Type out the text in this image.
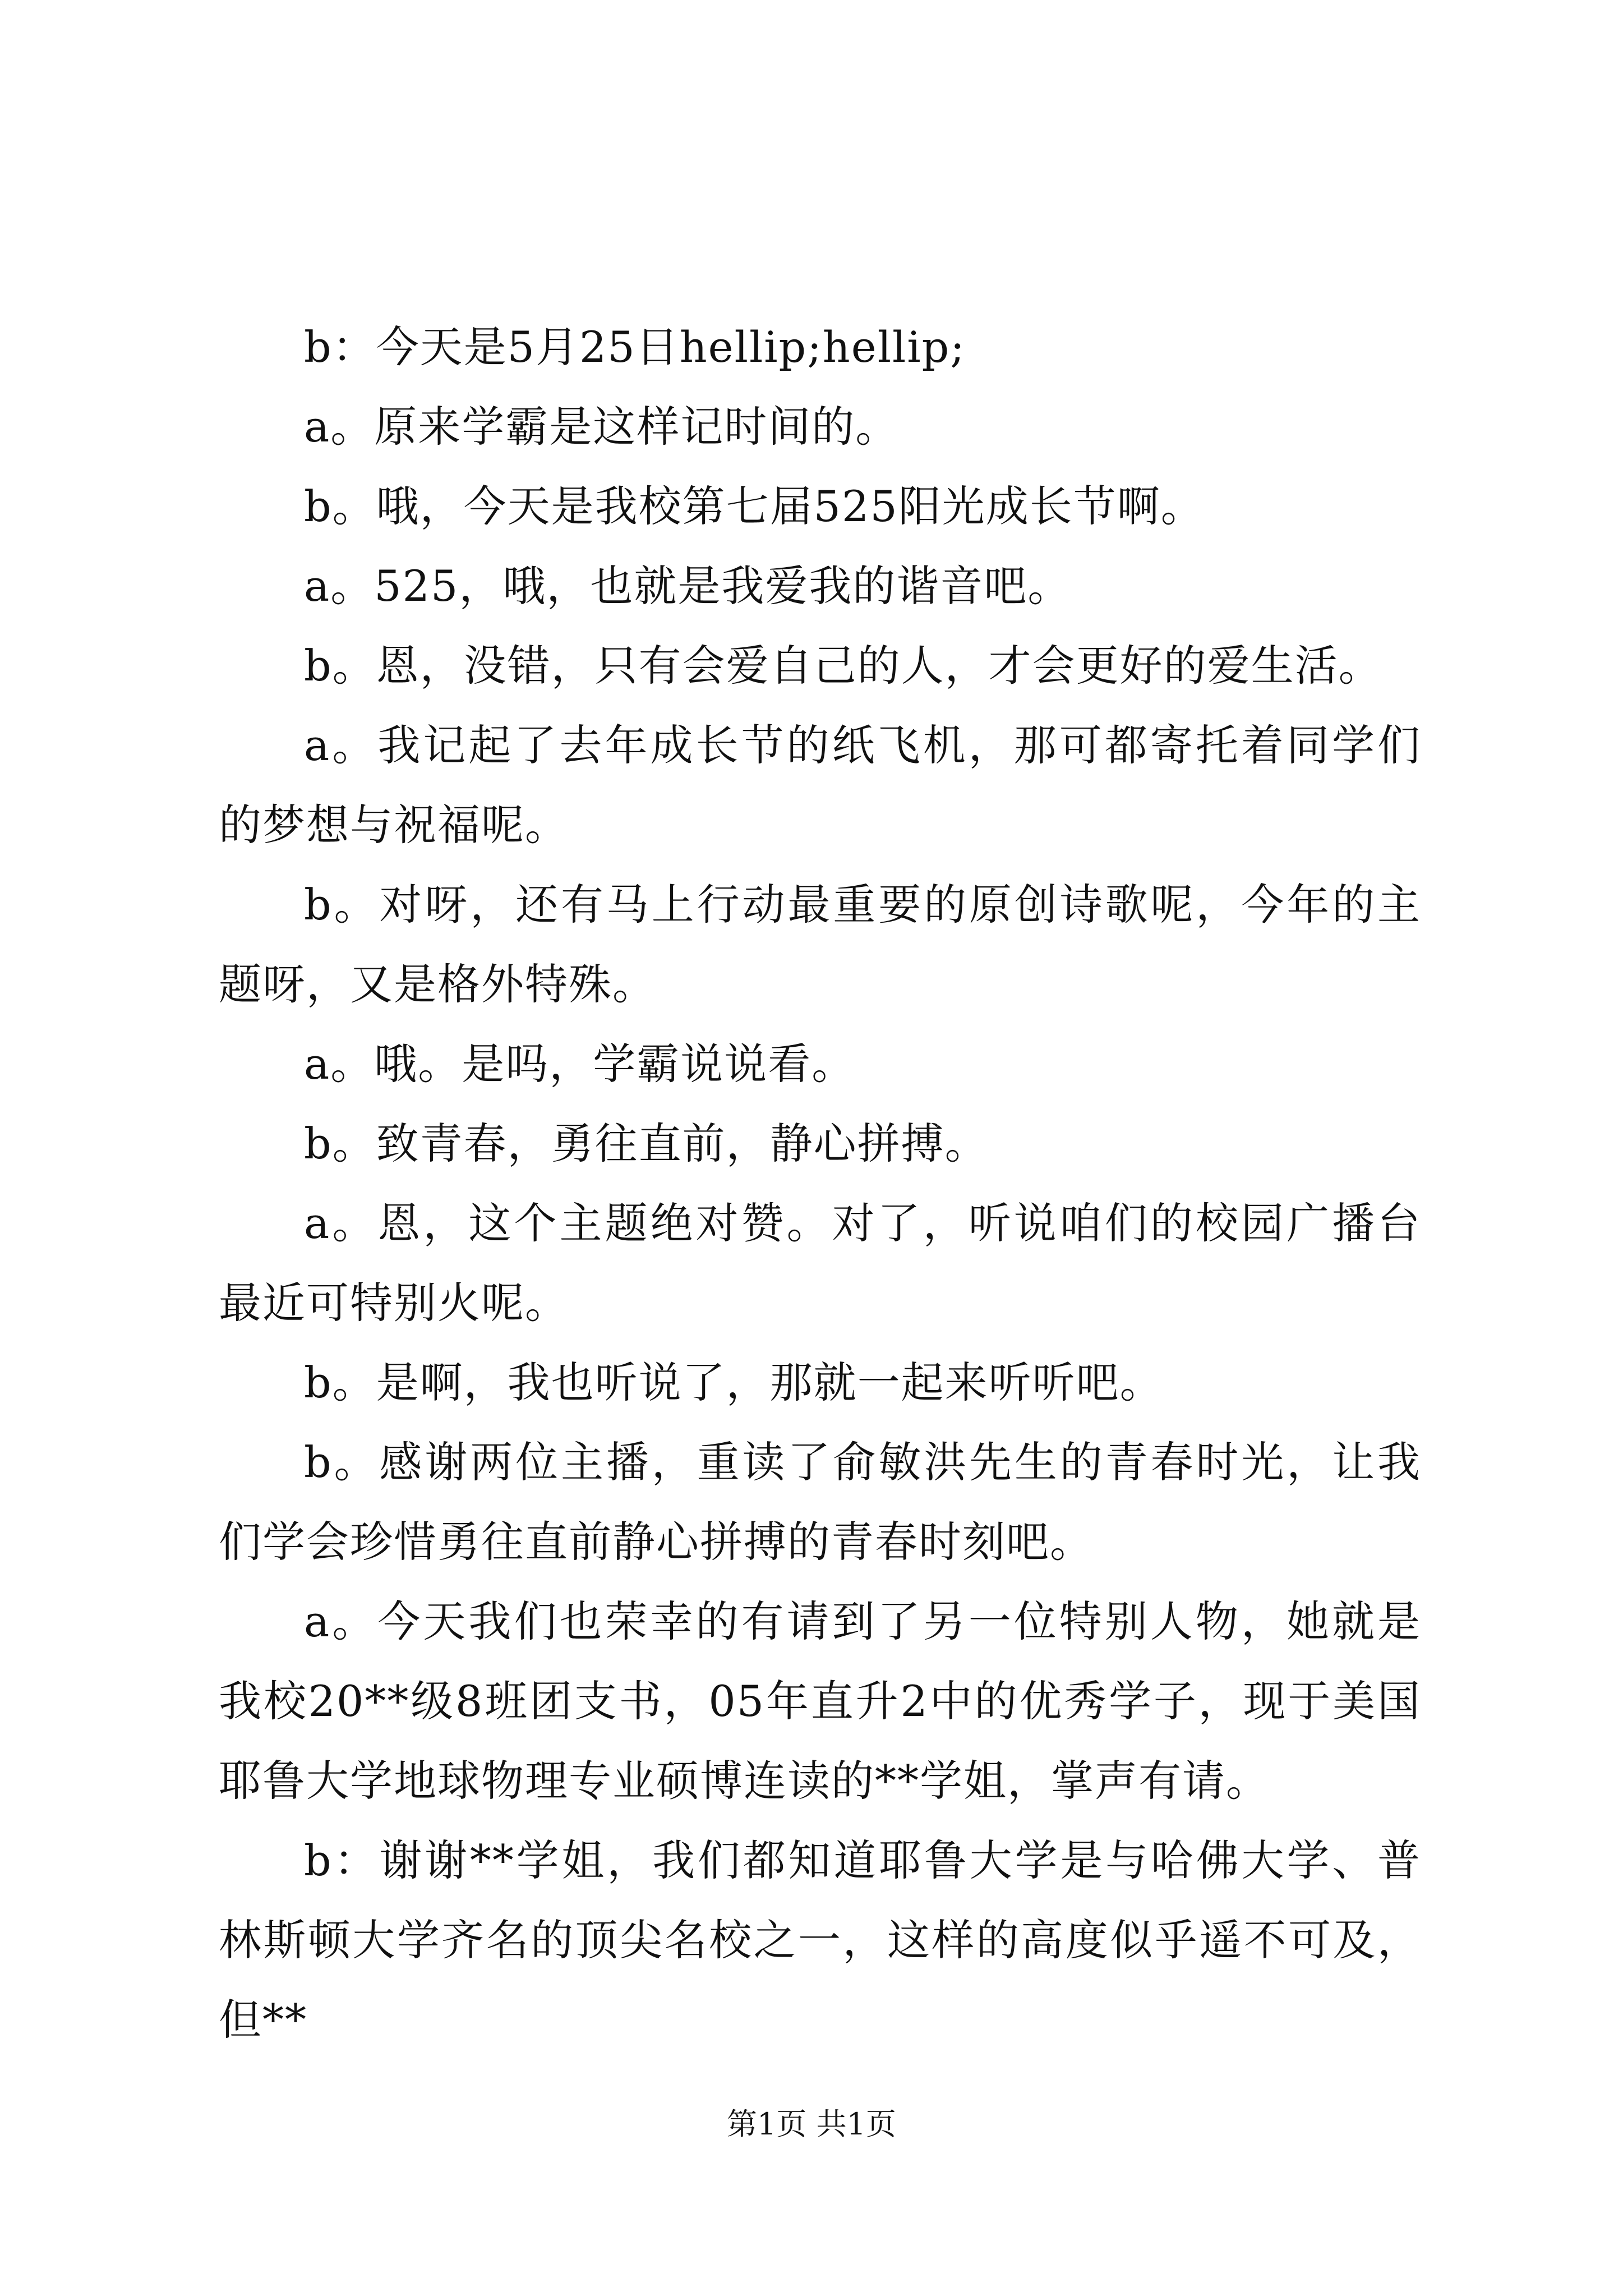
b：今天是5月25日hellip;hellip;

a。原来学霸是这样记时间的。

b。哦，今天是我校第七届525阳光成长节啊。

a。525，哦，也就是我爱我的谐音吧。

b。恩，没错，只有会爱自己的人，才会更好的爱生活。

a。我记起了去年成长节的纸飞机，那可都寄托着同学们的梦想与祝福呢。

b。对呀，还有马上行动最重要的原创诗歌呢，今年的主题呀，又是格外特殊。

a。哦。是吗，学霸说说看。

b。致青春，勇往直前，静心拼搏。

a。恩，这个主题绝对赞。对了，听说咱们的校园广播台最近可特别火呢。

b。是啊，我也听说了，那就一起来听听吧。

b。感谢两位主播，重读了俞敏洪先生的青春时光，让我们学会珍惜勇往直前静心拼搏的青春时刻吧。

a。今天我们也荣幸的有请到了另一位特别人物，她就是我校20**级8班团支书，05年直升2中的优秀学子，现于美国耶鲁大学地球物理专业硕博连读的**学姐，掌声有请。

b：谢谢**学姐，我们都知道耶鲁大学是与哈佛大学、普林斯顿大学齐名的顶尖名校之一，这样的高度似乎遥不可及，但**

第1页 共1页
